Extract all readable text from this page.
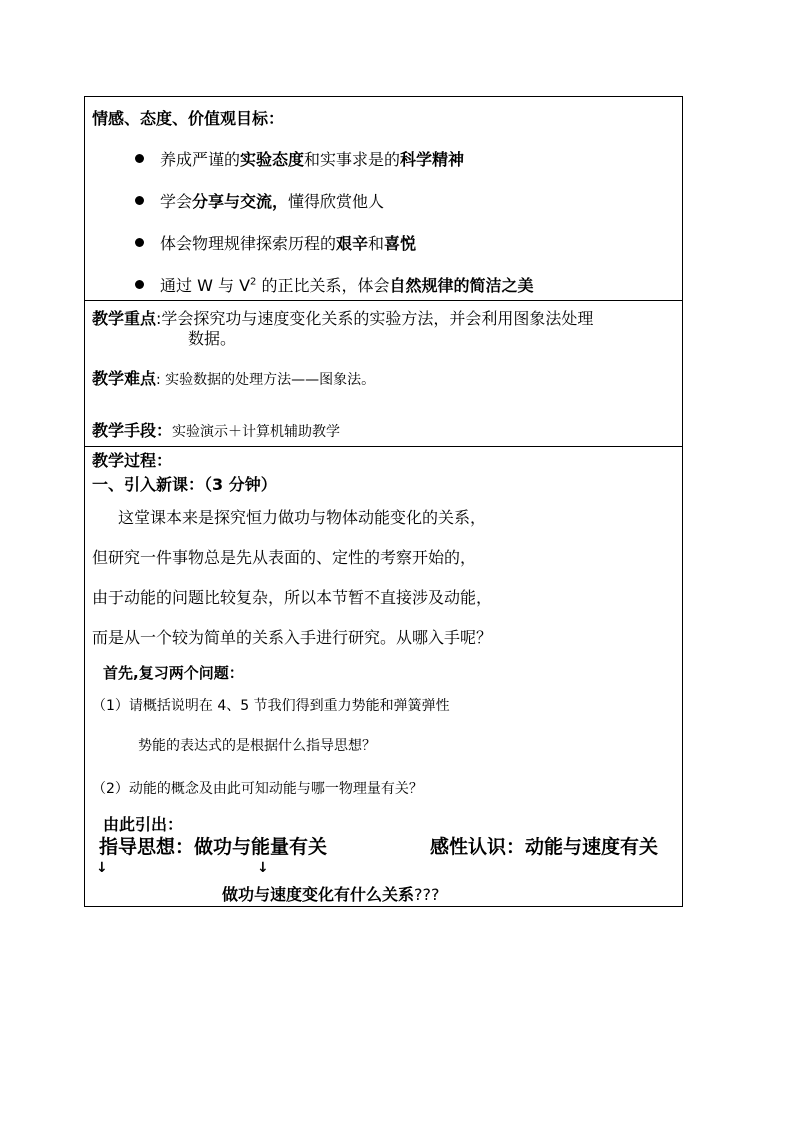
情感、态度、价值观目标：
养成严谨的实验态度和实事求是的科学精神
学会分享与交流，懂得欣赏他人
体会物理规律探索历程的艰辛和喜悦
通过 W 与 $V^2$ 的正比关系，体会自然规律的简洁之美
教学重点:学会探究功与速度变化关系的实验方法，并会利用图象法处理
数据。
教学难点: 实验数据的处理方法——图象法。
教学手段：实验演示＋计算机辅助教学
教学过程：
一、引入新课：（3 分钟）
这堂课本来是探究恒力做功与物体动能变化的关系，
但研究一件事物总是先从表面的、定性的考察开始的，
由于动能的问题比较复杂，所以本节暂不直接涉及动能，
而是从一个较为简单的关系入手进行研究。从哪入手呢？
首先,复习两个问题：
（1）请概括说明在 4、5 节我们得到重力势能和弹簧弹性
势能的表达式的是根据什么指导思想？
（2）动能的概念及由此可知动能与哪一物理量有关？
由此引出：
指导思想：做功与能量有关	感性认识：动能与速度有关
↓	↓
做功与速度变化有什么关系???
